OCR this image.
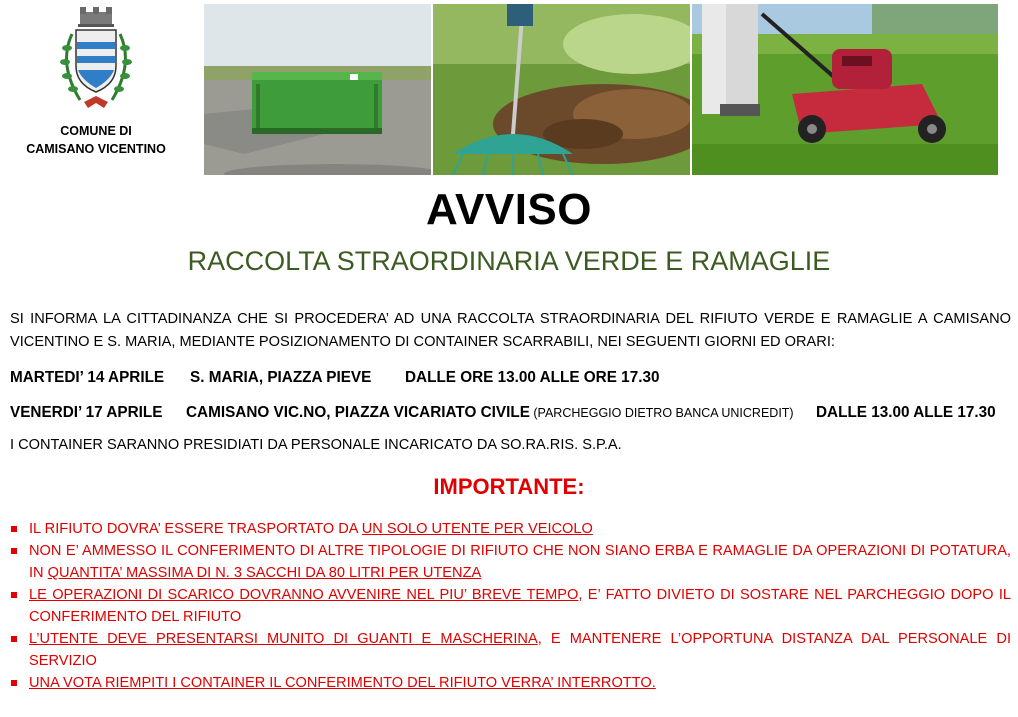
COMUNE DI
CAMISANO VICENTINO
AVVISO
RACCOLTA STRAORDINARIA VERDE E RAMAGLIE
SI INFORMA LA CITTADINANZA CHE SI PROCEDERA’ AD UNA RACCOLTA STRAORDINARIA DEL RIFIUTO VERDE E RAMAGLIE A CAMISANO VICENTINO E S. MARIA, MEDIANTE POSIZIONAMENTO DI CONTAINER SCARRABILI, NEI SEGUENTI GIORNI ED ORARI:
MARTEDI’ 14 APRILE S. MARIA, PIAZZA PIEVE DALLE ORE 13.00 ALLE ORE 17.30
VENERDI’ 17 APRILE CAMISANO VIC.NO, PIAZZA VICARIATO CIVILE (PARCHEGGIO DIETRO BANCA UNICREDIT) DALLE 13.00 ALLE 17.30
I CONTAINER SARANNO PRESIDIATI DA PERSONALE INCARICATO DA SO.RA.RIS. S.P.A.
IMPORTANTE:
IL RIFIUTO DOVRA’ ESSERE TRASPORTATO DA UN SOLO UTENTE PER VEICOLO
NON E’ AMMESSO IL CONFERIMENTO DI ALTRE TIPOLOGIE DI RIFIUTO CHE NON SIANO ERBA E RAMAGLIE DA OPERAZIONI DI POTATURA, IN QUANTITA’ MASSIMA DI N. 3 SACCHI DA 80 LITRI PER UTENZA
LE OPERAZIONI DI SCARICO DOVRANNO AVVENIRE NEL PIU’ BREVE TEMPO, E’ FATTO DIVIETO DI SOSTARE NEL PARCHEGGIO DOPO IL CONFERIMENTO DEL RIFIUTO
L’UTENTE DEVE PRESENTARSI MUNITO DI GUANTI E MASCHERINA, E MANTENERE L’OPPORTUNA DISTANZA DAL PERSONALE DI SERVIZIO
UNA VOTA RIEMPITI I CONTAINER IL CONFERIMENTO DEL RIFIUTO VERRA’ INTERROTTO.
